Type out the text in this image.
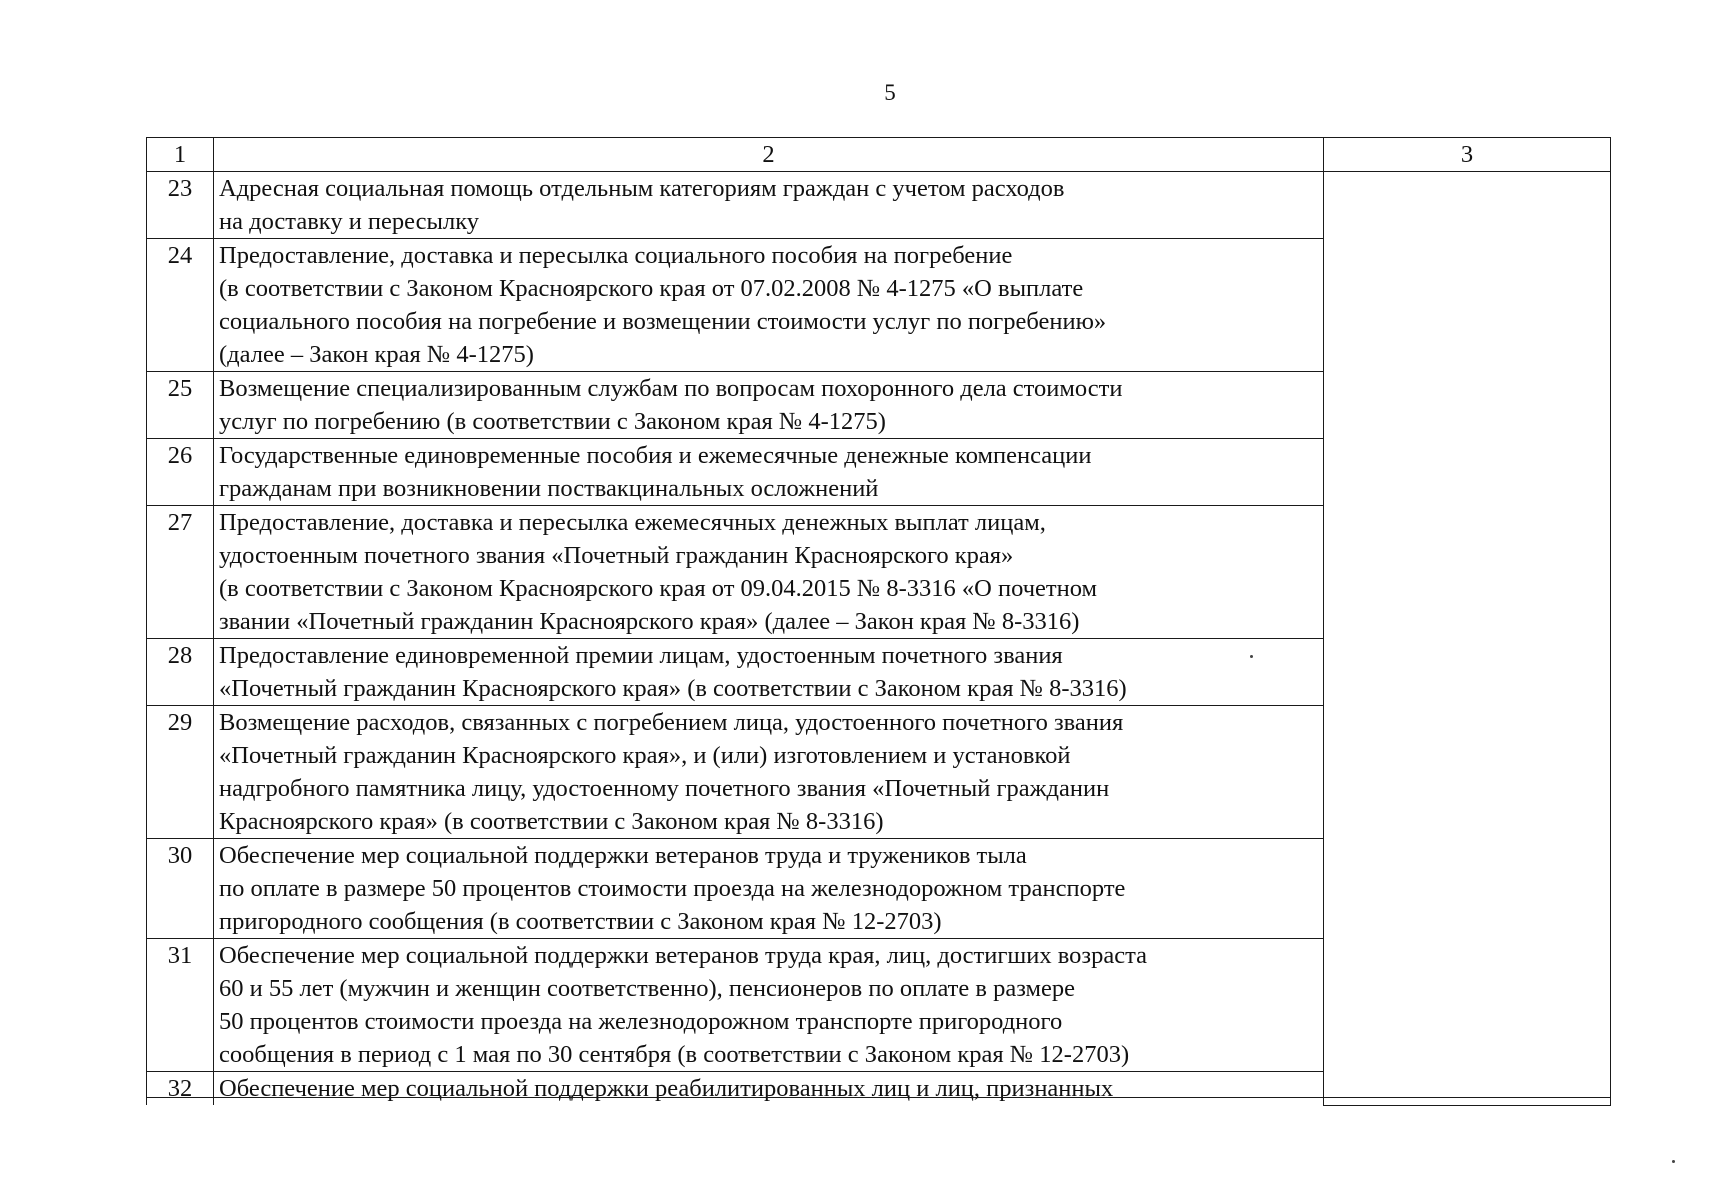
5
1	2	3
23	Адресная социальная помощь отдельным категориям граждан с учетом расходов
на доставку и пересылку	
24	Предоставление, доставка и пересылка социального пособия на погребение
(в соответствии с Законом Красноярского края от 07.02.2008 № 4-1275 «О выплате
социального пособия на погребение и возмещении стоимости услуг по погребению»
(далее – Закон края № 4-1275)	
25	Возмещение специализированным службам по вопросам похоронного дела стоимости
услуг по погребению (в соответствии с Законом края № 4-1275)	
26	Государственные единовременные пособия и ежемесячные денежные компенсации
гражданам при возникновении поствакцинальных осложнений	
27	Предоставление, доставка и пересылка ежемесячных денежных выплат лицам,
удостоенным почетного звания «Почетный гражданин Красноярского края»
(в соответствии с Законом Красноярского края от 09.04.2015 № 8-3316 «О почетном
звании «Почетный гражданин Красноярского края» (далее – Закон края № 8-3316)	
28	Предоставление единовременной премии лицам, удостоенным почетного звания
«Почетный гражданин Красноярского края» (в соответствии с Законом края № 8-3316)	
29	Возмещение расходов, связанных с погребением лица, удостоенного почетного звания
«Почетный гражданин Красноярского края», и (или) изготовлением и установкой
надгробного памятника лицу, удостоенному почетного звания «Почетный гражданин
Красноярского края» (в соответствии с Законом края № 8-3316)	
30	Обеспечение мер социальной поддержки ветеранов труда и тружеников тыла
по оплате в размере 50 процентов стоимости проезда на железнодорожном транспорте
пригородного сообщения (в соответствии с Законом края № 12-2703)	
31	Обеспечение мер социальной поддержки ветеранов труда края, лиц, достигших возраста
60 и 55 лет (мужчин и женщин соответственно), пенсионеров по оплате в размере
50 процентов стоимости проезда на железнодорожном транспорте пригородного
сообщения в период с 1 мая по 30 сентября (в соответствии с Законом края № 12-2703)	
32	Обеспечение мер социальной поддержки реабилитированных лиц и лиц, признанных	
